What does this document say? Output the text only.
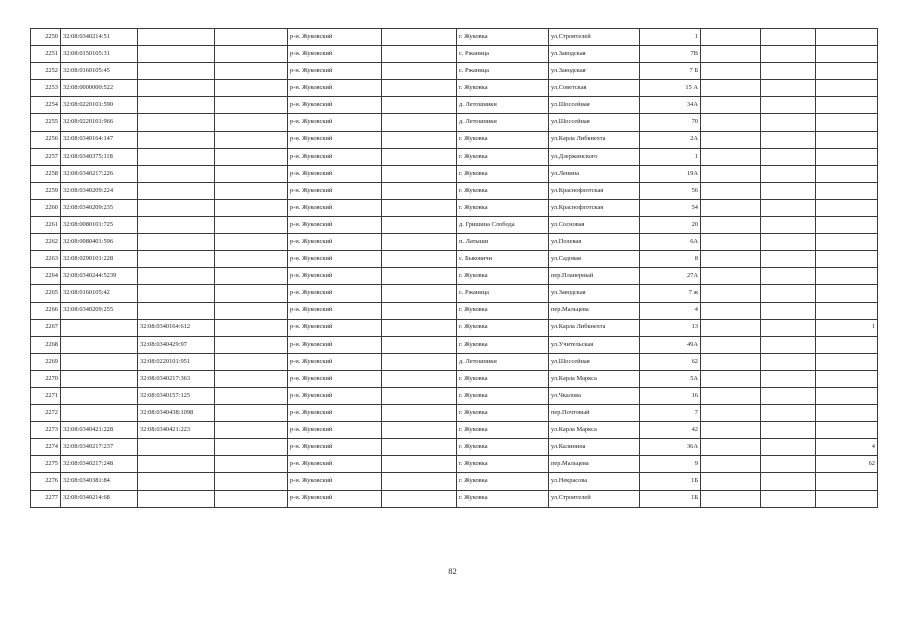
2250	32:08:0340214:51			р-н. Жуковский		г. Жуковка	ул.Строителей	1			
2251	32:08:0150105:31			р-н. Жуковский		с. Ржаница	ул.Заводская	7В			
2252	32:08:0160105:45			р-н. Жуковский		с. Ржаница	ул.Заводская	7 Б			
2253	32:08:0000000:522			р-н. Жуковский		г. Жуковка	ул.Советская	15 А			
2254	32:08:0220101:590			р-н. Жуковский		д. Летошники	ул.Шоссейная	34А			
2255	32:08:0220101:966			р-н. Жуковский		д. Летошники	ул.Шоссейная	70			
2256	32:08:0340164:147			р-н. Жуковский		г. Жуковка	ул.Карла Либкнехта	2А			
2257	32:08:0340375:118			р-н. Жуковский		г. Жуковка	ул.Дзержинского	1			
2258	32:08:0340217:226			р-н. Жуковский		г. Жуковка	ул.Ленина	19А			
2259	32:08:0340209:224			р-н. Жуковский		г. Жуковка	ул.Краснофлотская	56			
2260	32:08:0340209:235			р-н. Жуковский		г. Жуковка	ул.Краснофлотская	54			
2261	32:08:0080101:725			р-н. Жуковский		д. Гришина Слобода	ул.Сосновая	20			
2262	32:08:0080401:596			р-н. Жуковский		п. Латыши	ул.Полевая	6А			
2263	32:08:0290101:228			р-н. Жуковский		с. Быковичи	ул.Садовая	8			
2264	32:08:0340244:5239			р-н. Жуковский		г. Жуковка	пер.Планерный	27А			
2265	32:08:0160105:42			р-н. Жуковский		с. Ржаница	ул.Заводская	7 ж			
2266	32:08:0340209:255			р-н. Жуковский		г. Жуковка	пер.Мальцева	4			
2267		32:08:0340164:612		р-н. Жуковский		г. Жуковка	ул.Карла Либкнехта	13			1
2268		32:08:0340429:97		р-н. Жуковский		г. Жуковка	ул.Учительская	49А			
2269		32:08:0220101:951		р-н. Жуковский		д. Летошники	ул.Шоссейная	62			
2270		32:08:0340217:363		р-н. Жуковский		г. Жуковка	ул.Карла Маркса	5А			
2271		32:08:0340157:125		р-н. Жуковский		г. Жуковка	ул.Чкалова	16			
2272		32:08:0340438:1098		р-н. Жуковский		г. Жуковка	пер.Почтовый	7			
2273	32:08:0340421:228	32:08:0340421:223		р-н. Жуковский		г. Жуковка	ул.Карла Маркса	42			
2274	32:08:0340217:237			р-н. Жуковский		г. Жуковка	ул.Калинина	36А			4
2275	32:08:0340217:248			р-н. Жуковский		г. Жуковка	пер.Мальцева	9			62
2276	32:08:0340381:84			р-н. Жуковский		г. Жуковка	ул.Некрасова	1Б			
2277	32:08:0340214:68			р-н. Жуковский		г. Жуковка	ул.Строителей	1Б			
82
